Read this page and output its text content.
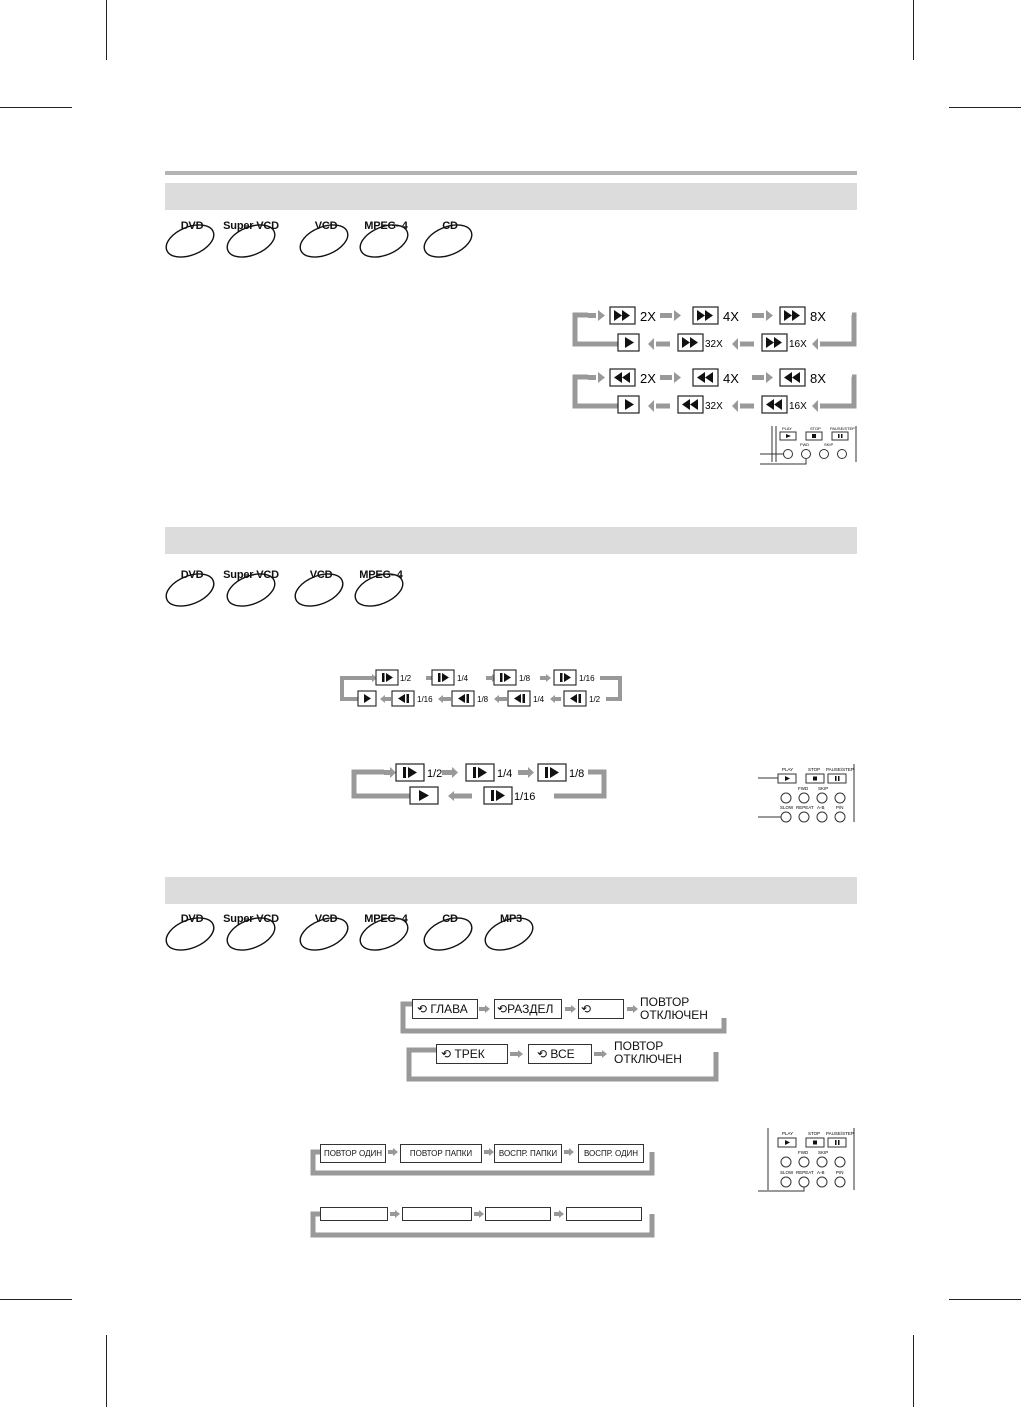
DVD	Super VCD	VCD	MPEG–4	CD
2X	4X	8X
32X	16X
2X	4X	8X
32X	16X
PLAY	STOP PAUSE/STEP
FWD	SKIP
DVD	Super VCD	VCD	MPEG–4
1/2	1/4	1/8	1/16
1/16	1/8	1/4	1/2
1/2	1/4	1/8
1/16
PLAY	STOP PAUSE/STEP
FWD SKIP
SLOW REPEAT A-B	P/N
DVD	Super VCD	VCD	MPEG–4	CD	MP3
⟲ ГЛАВА	⟲РАЗДЕЛ	⟲	ПОВТОР
ОТКЛЮЧЕН
⟲ ТРЕК	⟲ ВСЕ
ПОВТОР
ОТКЛЮЧЕН
ПОВТОР ОДИН	ПОВТОР ПАПКИ	ВОСПР. ПАПКИ	ВОСПР. ОДИН
PLAY	STOP PAUSE/STEP
FWD SKIP
SLOW REPEAT A-B	P/N
